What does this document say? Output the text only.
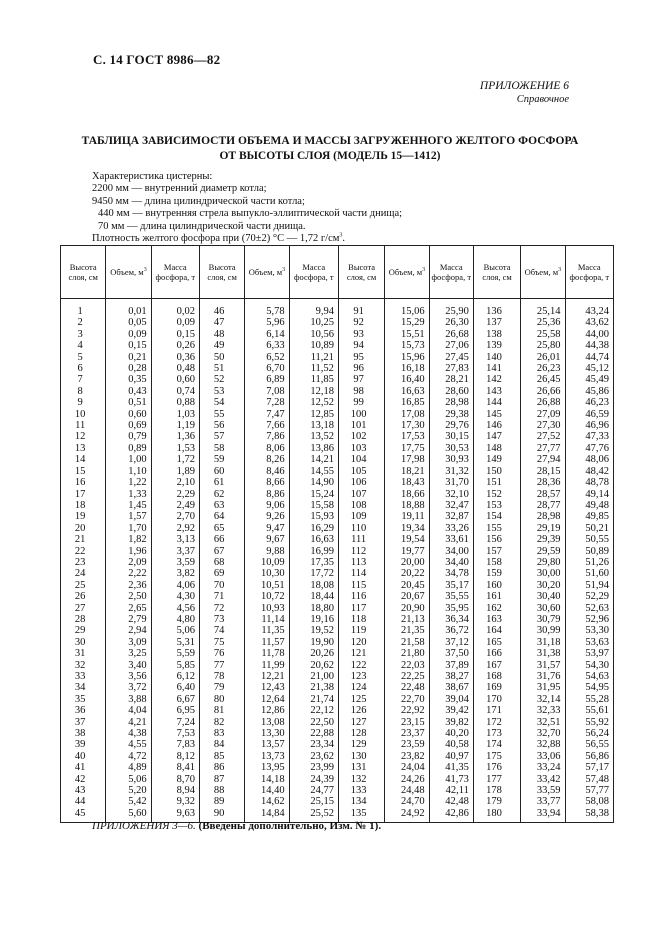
С. 14 ГОСТ 8986—82
ПРИЛОЖЕНИЕ 6
Справочное
ТАБЛИЦА ЗАВИСИМОСТИ ОБЪЕМА И МАССЫ ЗАГРУЖЕННОГО ЖЕЛТОГО ФОСФОРА
ОТ ВЫСОТЫ СЛОЯ (МОДЕЛЬ 15—1412)
Характеристика цистерны:
2200 мм — внутренний диаметр котла;
9450 мм — длина цилиндрической части котла;
440 мм — внутренняя стрела выпукло-эллиптической части днища;
70 мм — длина цилиндрической части днища.
Плотность желтого фосфора при (70±2) °С — 1,72 $г/см^3$.
Высота слоя, см	Объем, $м^3$	Масса фосфора, т	Высота слоя, см	Объем, $м^3$	Масса фосфора, т	Высота слоя, см	Объем, $м^3$	Масса фосфора, т	Высота слоя, см	Объем, $м^3$	Масса фосфора, т
1	0,01	0,02	46	5,78	9,94	91	15,06	25,90	136	25,14	43,24
2	0,05	0,09	47	5,96	10,25	92	15,29	26,30	137	25,36	43,62
3	0,09	0,15	48	6,14	10,56	93	15,51	26,68	138	25,58	44,00
4	0,15	0,26	49	6,33	10,89	94	15,73	27,06	139	25,80	44,38
5	0,21	0,36	50	6,52	11,21	95	15,96	27,45	140	26,01	44,74
6	0,28	0,48	51	6,70	11,52	96	16,18	27,83	141	26,23	45,12
7	0,35	0,60	52	6,89	11,85	97	16,40	28,21	142	26,45	45,49
8	0,43	0,74	53	7,08	12,18	98	16,63	28,60	143	26,66	45,86
9	0,51	0,88	54	7,28	12,52	99	16,85	28,98	144	26,88	46,23
10	0,60	1,03	55	7,47	12,85	100	17,08	29,38	145	27,09	46,59
11	0,69	1,19	56	7,66	13,18	101	17,30	29,76	146	27,30	46,96
12	0,79	1,36	57	7,86	13,52	102	17,53	30,15	147	27,52	47,33
13	0,89	1,53	58	8,06	13,86	103	17,75	30,53	148	27,77	47,76
14	1,00	1,72	59	8,26	14,21	104	17,98	30,93	149	27,94	48,06
15	1,10	1,89	60	8,46	14,55	105	18,21	31,32	150	28,15	48,42
16	1,22	2,10	61	8,66	14,90	106	18,43	31,70	151	28,36	48,78
17	1,33	2,29	62	8,86	15,24	107	18,66	32,10	152	28,57	49,14
18	1,45	2,49	63	9,06	15,58	108	18,88	32,47	153	28,77	49,48
19	1,57	2,70	64	9,26	15,93	109	19,11	32,87	154	28,98	49,85
20	1,70	2,92	65	9,47	16,29	110	19,34	33,26	155	29,19	50,21
21	1,82	3,13	66	9,67	16,63	111	19,54	33,61	156	29,39	50,55
22	1,96	3,37	67	9,88	16,99	112	19,77	34,00	157	29,59	50,89
23	2,09	3,59	68	10,09	17,35	113	20,00	34,40	158	29,80	51,26
24	2,22	3,82	69	10,30	17,72	114	20,22	34,78	159	30,00	51,60
25	2,36	4,06	70	10,51	18,08	115	20,45	35,17	160	30,20	51,94
26	2,50	4,30	71	10,72	18,44	116	20,67	35,55	161	30,40	52,29
27	2,65	4,56	72	10,93	18,80	117	20,90	35,95	162	30,60	52,63
28	2,79	4,80	73	11,14	19,16	118	21,13	36,34	163	30,79	52,96
29	2,94	5,06	74	11,35	19,52	119	21,35	36,72	164	30,99	53,30
30	3,09	5,31	75	11,57	19,90	120	21,58	37,12	165	31,18	53,63
31	3,25	5,59	76	11,78	20,26	121	21,80	37,50	166	31,38	53,97
32	3,40	5,85	77	11,99	20,62	122	22,03	37,89	167	31,57	54,30
33	3,56	6,12	78	12,21	21,00	123	22,25	38,27	168	31,76	54,63
34	3,72	6,40	79	12,43	21,38	124	22,48	38,67	169	31,95	54,95
35	3,88	6,67	80	12,64	21,74	125	22,70	39,04	170	32,14	55,28
36	4,04	6,95	81	12,86	22,12	126	22,92	39,42	171	32,33	55,61
37	4,21	7,24	82	13,08	22,50	127	23,15	39,82	172	32,51	55,92
38	4,38	7,53	83	13,30	22,88	128	23,37	40,20	173	32,70	56,24
39	4,55	7,83	84	13,57	23,34	129	23,59	40,58	174	32,88	56,55
40	4,72	8,12	85	13,73	23,62	130	23,82	40,97	175	33,06	56,86
41	4,89	8,41	86	13,95	23,99	131	24,04	41,35	176	33,24	57,17
42	5,06	8,70	87	14,18	24,39	132	24,26	41,73	177	33,42	57,48
43	5,20	8,94	88	14,40	24,77	133	24,48	42,11	178	33,59	57,77
44	5,42	9,32	89	14,62	25,15	134	24,70	42,48	179	33,77	58,08
45	5,60	9,63	90	14,84	25,52	135	24,92	42,86	180	33,94	58,38
ПРИЛОЖЕНИЯ 3—6. (Введены дополнительно, Изм. № 1).
